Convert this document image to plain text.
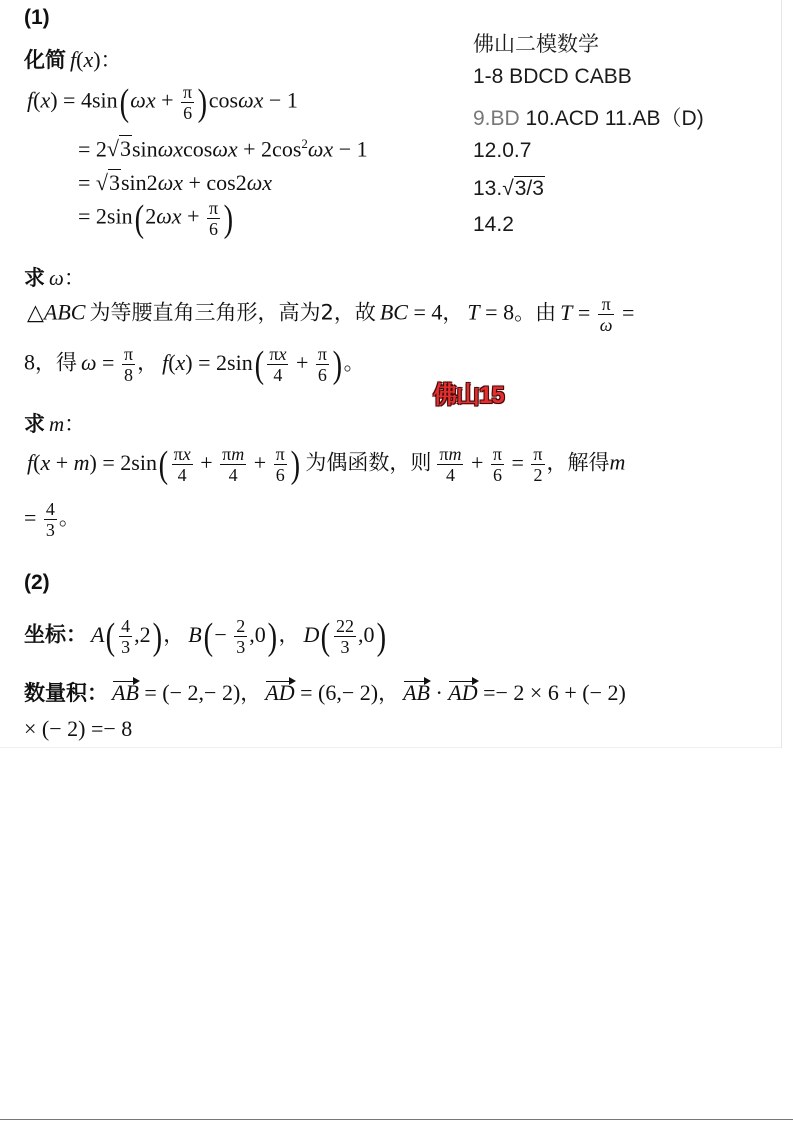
(1)
化简 f(x)：
$f(x) = 4\sin(\omega x + \frac{\pi}{6} )\cos\omega x - 1$
= $2√3\sin\omega xcos\omega x + 2\cos^2\omega x - 1$
= √3sin2ωx + cos2ωx
= $2\sin(2\omega x + \frac{\pi}{6}$ )
佛山二模数学
1-8 BDCD CABB
9.BD 10.ACD 11.AB（D)
12.0.7
13.√3/3
14.2
求 ω：
△ABC 为等腰直角三角形，高为2，故 BC = 4， T = 8。由 $T = \frac{\pi}{\omega}$ =
8，得 $\omega = \frac{\pi}{8}$ ， $f(x) = 2\sin( \frac{\pi x}{4} + \frac{\pi}{6}$ )。
佛山15
求 m：
$f(x + m) = 2\sin( \frac{\pi x}{4} + \frac{\pi m}{4} + \frac{\pi}{6}$ ) 为偶函数，则 $\frac{\pi m}{4} + \frac{\pi}{6} = \frac{\pi}{2}$ ，解得m
= $\frac{4}{3}$ 。
(2)
坐标： $A( \frac{4}{3} ,2)$， $B(- \frac{2}{3} ,0)$， $D( \frac{22}{3} ,0)$
数量积： AB = (− 2,− 2)， AD = (6,− 2)， AB · AD =− 2 × 6 + (− 2)
× (− 2) =− 8
